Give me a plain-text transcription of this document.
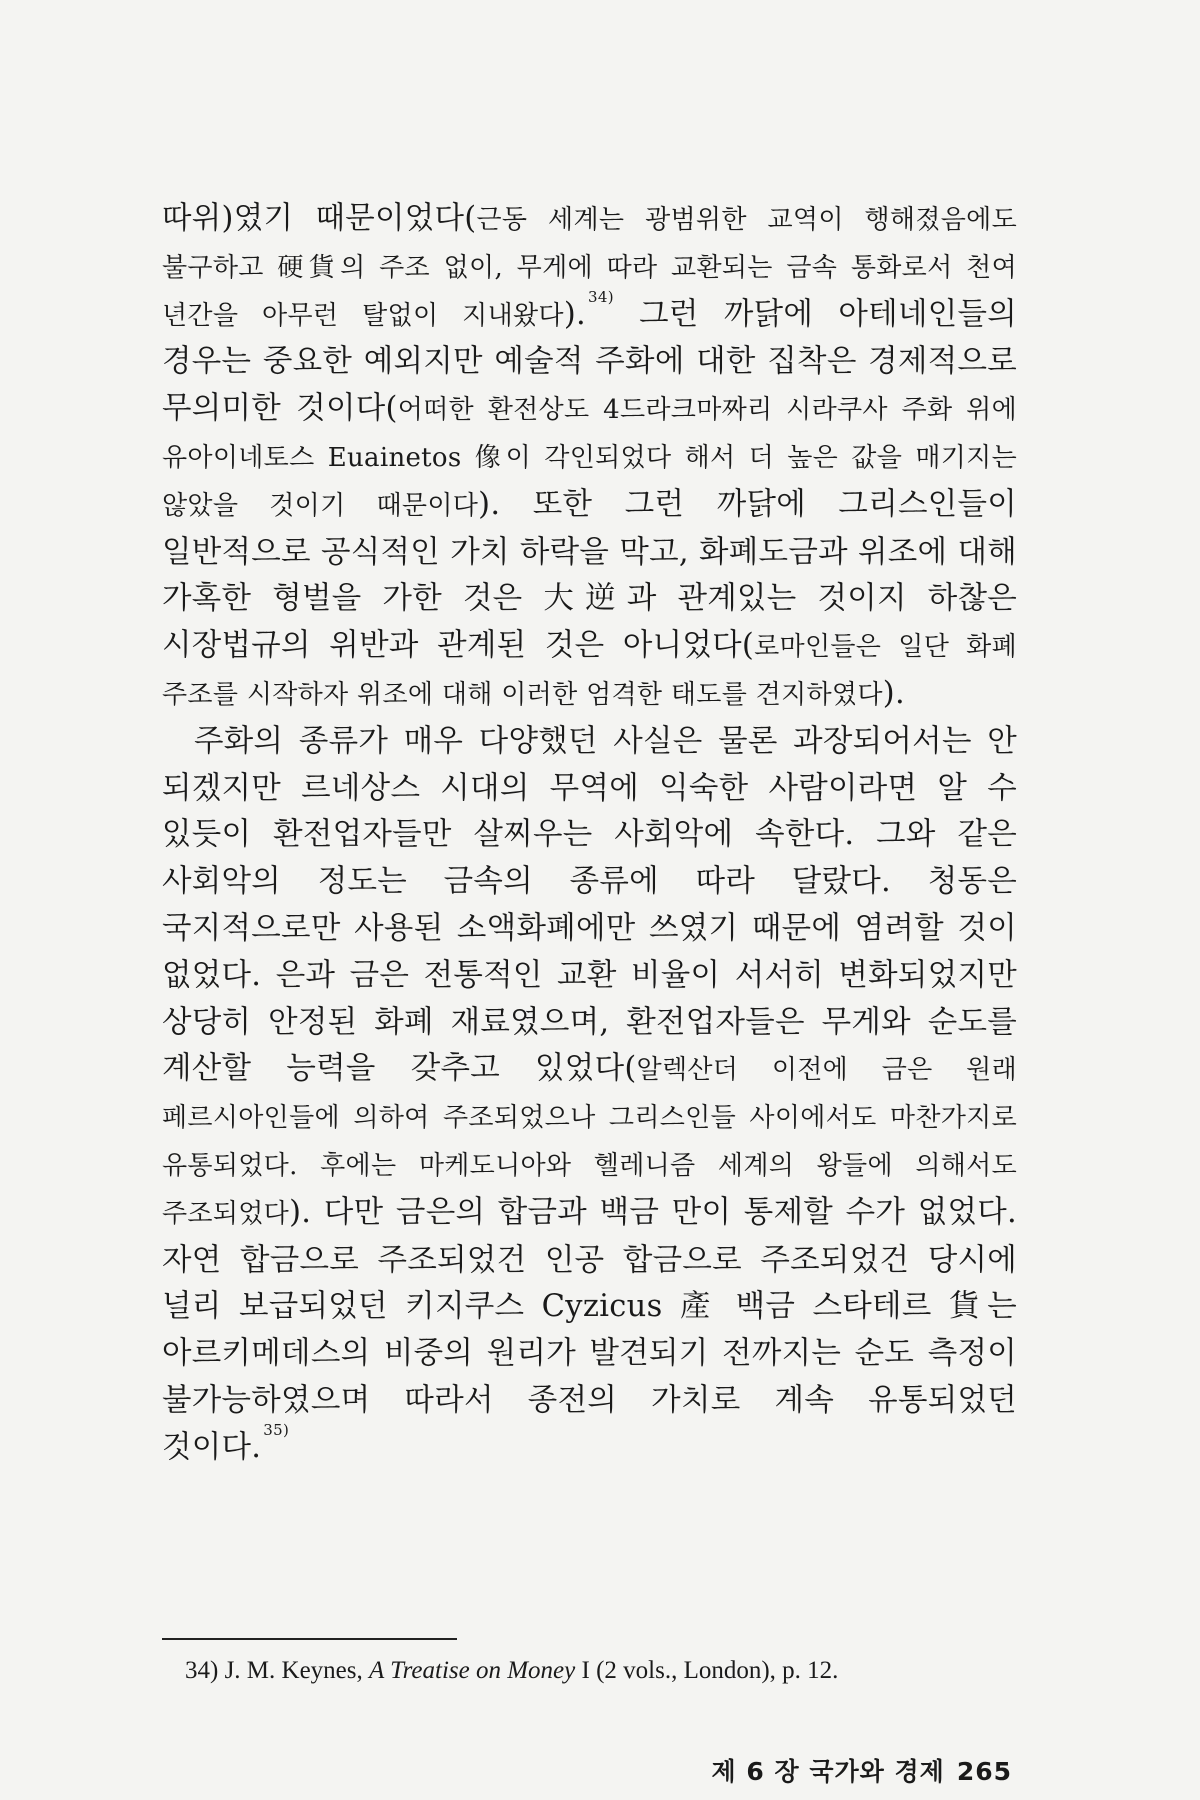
따위)였기 때문이었다(근동 세계는 광범위한 교역이 행해졌음에도 불구하고 硬貨의 주조 없이, 무게에 따라 교환되는 금속 통화로서 천여 년간을 아무런 탈없이 지내왔다). $^{34)}$ 그런 까닭에 아테네인들의 경우는 중요한 예외지만 예술적 주화에 대한 집착은 경제적으로 무의미한 것이다(어떠한 환전상도 4드라크마짜리 시라쿠사 주화 위에 유아이네토스 Euainetos 像이 각인되었다 해서 더 높은 값을 매기지는 않았을 것이기 때문이다). 또한 그런 까닭에 그리스인들이 일반적으로 공식적인 가치 하락을 막고, 화폐도금과 위조에 대해 가혹한 형벌을 가한 것은 大逆과 관계있는 것이지 하찮은 시장법규의 위반과 관계된 것은 아니었다(로마인들은 일단 화폐 주조를 시작하자 위조에 대해 이러한 엄격한 태도를 견지하였다).

주화의 종류가 매우 다양했던 사실은 물론 과장되어서는 안 되겠지만 르네상스 시대의 무역에 익숙한 사람이라면 알 수 있듯이 환전업자들만 살찌우는 사회악에 속한다. 그와 같은 사회악의 정도는 금속의 종류에 따라 달랐다. 청동은 국지적으로만 사용된 소액화폐에만 쓰였기 때문에 염려할 것이 없었다. 은과 금은 전통적인 교환 비율이 서서히 변화되었지만 상당히 안정된 화폐 재료였으며, 환전업자들은 무게와 순도를 계산할 능력을 갖추고 있었다(알렉산더 이전에 금은 원래 페르시아인들에 의하여 주조되었으나 그리스인들 사이에서도 마찬가지로 유통되었다. 후에는 마케도니아와 헬레니즘 세계의 왕들에 의해서도 주조되었다). 다만 금은의 합금과 백금 만이 통제할 수가 없었다. 자연 합금으로 주조되었건 인공 합금으로 주조되었건 당시에 널리 보급되었던 키지쿠스 Cyzicus 產 백금 스타테르 貨는 아르키메데스의 비중의 원리가 발견되기 전까지는 순도 측정이 불가능하였으며 따라서 종전의 가치로 계속 유통되었던 것이다. $^{35)}$

34) J. M. Keynes, A Treatise on Money I (2 vols., London), p. 12.
제 6 장 국가와 경제 265
